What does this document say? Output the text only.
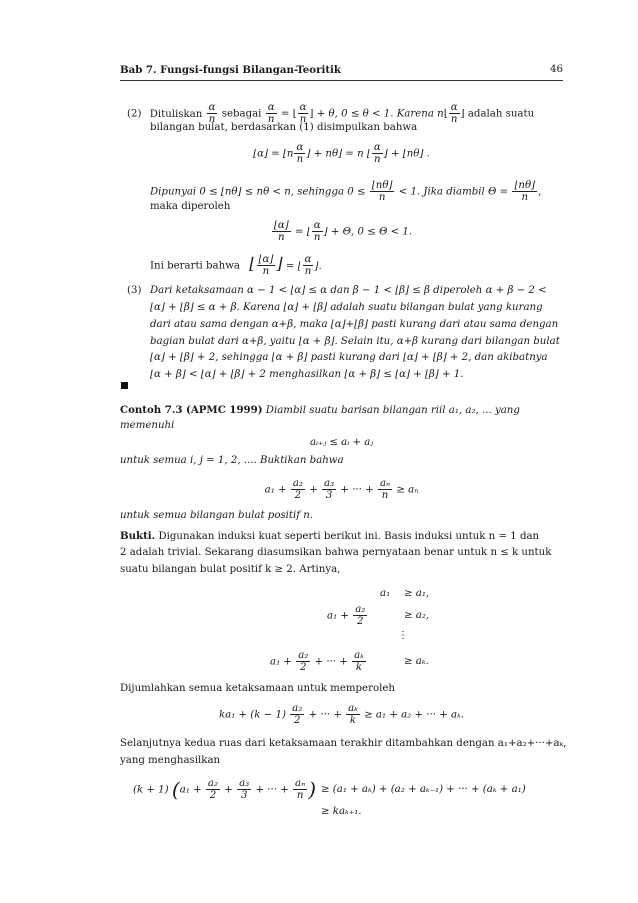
Bab 7. Fungsi-fungsi Bilangan-Teoritik	46
(2) Dituliskan $\frac{\alpha}{n}$ sebagai $\frac{\alpha}{n}$ = ⌊ $\frac{\alpha}{n}$ ⌋ + θ, 0 ≤ θ < 1. Karena n⌊ $\frac{\alpha}{n}$ ⌋ adalah suatu
bilangan bulat, berdasarkan (1) disimpulkan bahwa
⌊α⌋ = ⌊n $\frac{\alpha}{n}$ ⌋ + nθ⌋ = n ⌊ $\frac{\alpha}{n}$ ⌋ + ⌊nθ⌋ .
Dipunyai 0 ≤ ⌊nθ⌋ ≤ nθ < n, sehingga $0 \le \frac{⌊n\theta⌋}{n} < 1$. Jika diambil $\Theta = \frac{⌊n\theta⌋}{n}$ ,
maka diperoleh
$\frac{⌊\alpha⌋}{n}$ = ⌊ $\frac{\alpha}{n}$ ⌋ + Θ, 0 ≤ Θ < 1.
Ini berarti bahwa ⌊ $\frac{⌊\alpha⌋}{n}$ ⌋ = ⌊ $\frac{\alpha}{n}$ ⌋.
(3) Dari ketaksamaan α − 1 < ⌊α⌋ ≤ α dan β − 1 < ⌊β⌋ ≤ β diperoleh α + β − 2 <
⌊α⌋ + ⌊β⌋ ≤ α + β. Karena ⌊α⌋ + ⌊β⌋ adalah suatu bilangan bulat yang kurang
dari atau sama dengan α+β, maka ⌊α⌋+⌊β⌋ pasti kurang dari atau sama dengan
bagian bulat dari α+β, yaitu ⌊α + β⌋. Selain itu, α+β kurang dari bilangan bulat
⌊α⌋ + ⌊β⌋ + 2, sehingga ⌊α + β⌋ pasti kurang dari ⌊α⌋ + ⌊β⌋ + 2, dan akibatnya
⌊α + β⌋ < ⌊α⌋ + ⌊β⌋ + 2 menghasilkan ⌊α + β⌋ ≤ ⌊α⌋ + ⌊β⌋ + 1.
Contoh 7.3 (APMC 1999) Diambil suatu barisan bilangan riil a₁, a₂, ... yang
memenuhi
aᵢ₊ⱼ ≤ aᵢ + aⱼ
untuk semua i, j = 1, 2, .... Buktikan bahwa
$a_1 + \frac{\text{a₂}}{2} + \frac{\text{a₃}}{3}$ + ··· + $\frac{\text{aₙ}}{n} \ge a_n$
untuk semua bilangan bulat positif n.
Bukti. Digunakan induksi kuat seperti berikut ini. Basis induksi untuk n = 1 dan
2 adalah trivial. Sekarang diasumsikan bahwa pernyataan benar untuk n ≤ k untuk
suatu bilangan bulat positif k ≥ 2. Artinya,
a₁ ≥ a₁,
$a_1 + \frac{\text{a₂}}{2}$	≥ a₂,
⋮
$a_1 + \frac{\text{a₂}}{2}$ + ··· + $\frac{\text{aₖ}}{k}$	≥ aₖ.
Dijumlahkan semua ketaksamaan untuk memperoleh
$ka_1 + (k - 1) \frac{\text{a₂}}{2}$ + ··· + $\frac{\text{aₖ}}{k} \ge a_1 + a_2$ + ··· + aₖ.
Selanjutnya kedua ruas dari ketaksamaan terakhir ditambahkan dengan a₁+a₂+···+aₖ,
yang menghasilkan
(k + 1) ($a_1 + \frac{\text{a₂}}{2} + \frac{\text{a₃}}{3}$ + ··· + $\frac{\text{aₙ}}{n}$ ) ≥ (a₁ + aₖ) + (a₂ + aₖ₋₁) + ··· + (aₖ + a₁)
≥ kaₖ₊₁.
